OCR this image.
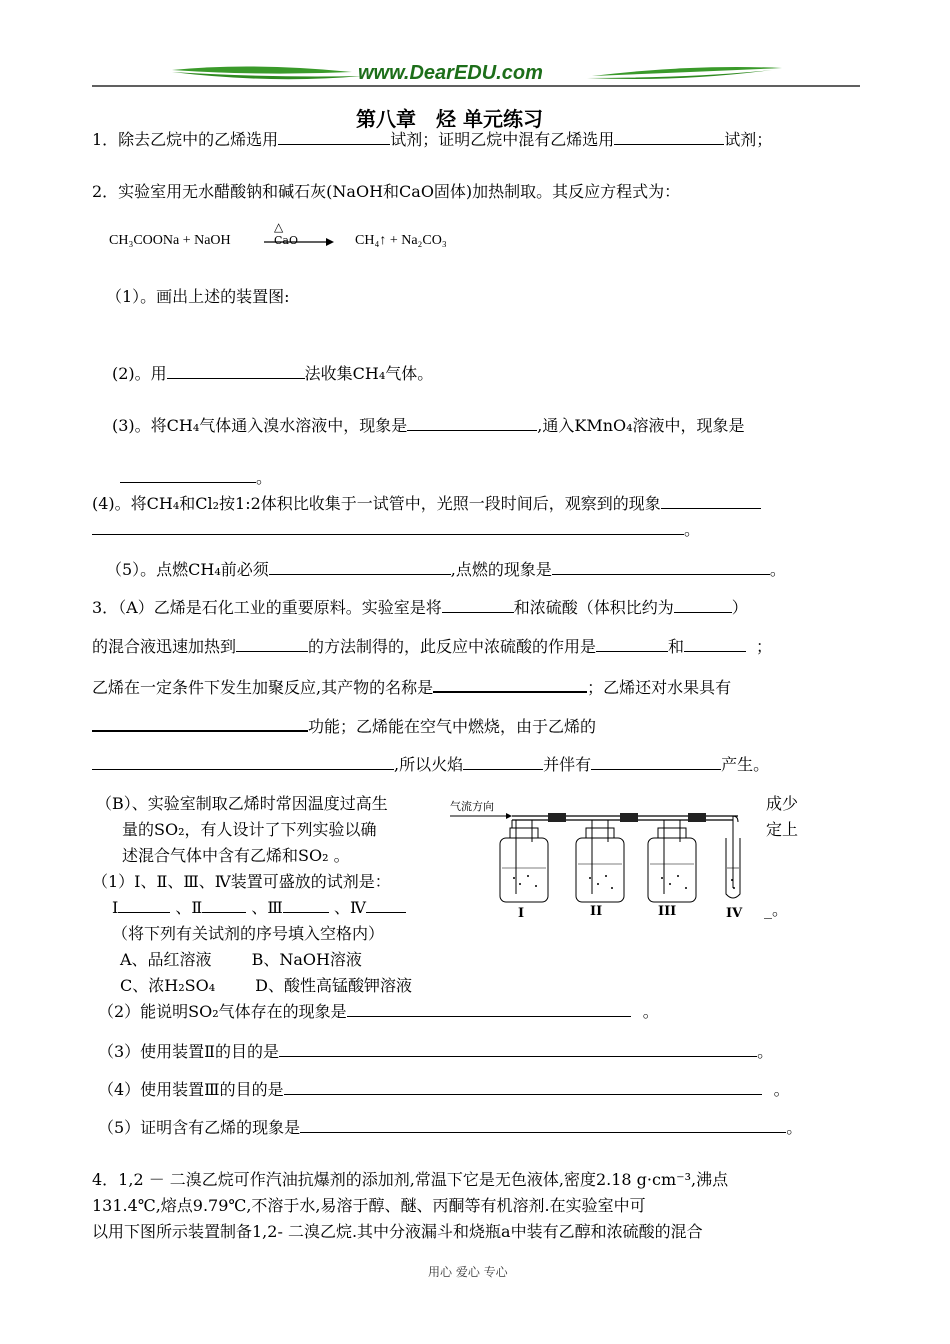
www.DearEDU.com
第八章　烃 单元练习
1．除去乙烷中的乙烯选用	试剂；证明乙烷中混有乙烯选用	试剂；
2．实验室用无水醋酸钠和碱石灰(NaOH和CaO固体)加热制取。其反应方程式为：
CH₃COONa + NaOH
△
CaO	CH₄↑ + Na₂CO₃
（1）。画出上述的装置图:
(2)。用	法收集CH₄气体。
(3)。将CH₄气体通入溴水溶液中，现象是	,通入KMnO₄溶液中，现象是
。
(4)。将CH₄和Cl₂按1:2体积比收集于一试管中，光照一段时间后，观察到的现象
。
（5）。点燃CH₄前必须	,点燃的现象是	。
3．（A）乙烯是石化工业的重要原料。实验室是将	和浓硫酸（体积比约为	）
的混合液迅速加热到	的方法制得的，此反应中浓硫酸的作用是	和	；
乙烯在一定条件下发生加聚反应,其产物的名称是	；乙烯还对水果具有
功能；乙烯能在空气中燃烧，由于乙烯的
,所以火焰	并伴有	产生。
（B）、实验室制取乙烯时常因温度过高生
量的SO₂，有人设计了下列实验以确
述混合气体中含有乙烯和SO₂ 。
（1）Ⅰ、Ⅱ、Ⅲ、Ⅳ装置可盛放的试剂是：
Ⅰ	、Ⅱ	、Ⅲ	、Ⅳ
（将下列有关试剂的序号填入空格内）
A、品红溶液	B、NaOH溶液
C、浓H₂SO₄	D、酸性高锰酸钾溶液
成少
定上
_。
气流方向
I	II	III	IV
（2）能说明SO₂气体存在的现象是	。
（3）使用装置Ⅱ的目的是	。
（4）使用装置Ⅲ的目的是	。
（5）证明含有乙烯的现象是	。
4．1,2 － 二溴乙烷可作汽油抗爆剂的添加剂,常温下它是无色液体,密度2.18 g·cm⁻³,沸点
131.4℃,熔点9.79℃,不溶于水,易溶于醇、醚、丙酮等有机溶剂.在实验室中可
以用下图所示装置制备1,2- 二溴乙烷.其中分液漏斗和烧瓶a中装有乙醇和浓硫酸的混合
用心 爱心 专心
